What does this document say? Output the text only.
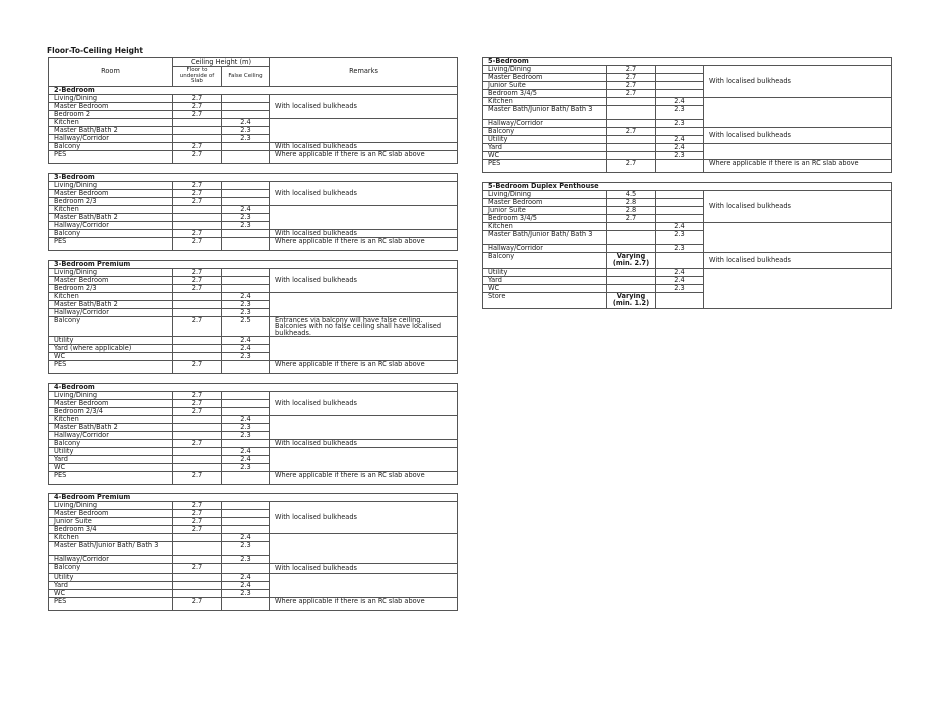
Floor-To-Ceiling Height
Room	Ceiling Height (m)		Remarks
	Floor to underside of Slab	False Ceiling	
2-Bedroom			
Living/Dining	2.7		With localised bulkheads
Master Bedroom	2.7		
Bedroom 2	2.7		
Kitchen		2.4	
Master Bath/Bath 2		2.3	
Hallway/Corridor		2.3	
Balcony	2.7		With localised bulkheads
PES	2.7		Where applicable if there is an RC slab above

3-Bedroom			
Living/Dining	2.7		With localised bulkheads
Master Bedroom	2.7		
Bedroom 2/3	2.7		
Kitchen		2.4	
Master Bath/Bath 2		2.3	
Hallway/Corridor		2.3	
Balcony	2.7		With localised bulkheads
PES	2.7		Where applicable if there is an RC slab above

3-Bedroom Premium			
Living/Dining	2.7		With localised bulkheads
Master Bedroom	2.7		
Bedroom 2/3	2.7		
Kitchen		2.4	
Master Bath/Bath 2		2.3	
Hallway/Corridor		2.3	
Balcony	2.7	2.5	Entrances via balcony will have false ceiling. Balconies with no false ceiling shall have localised bulkheads.
Utility		2.4	
Yard (where applicable)		2.4	
WC		2.3	
PES	2.7		Where applicable if there is an RC slab above

4-Bedroom			
Living/Dining	2.7		With localised bulkheads
Master Bedroom	2.7		
Bedroom 2/3/4	2.7		
Kitchen		2.4	
Master Bath/Bath 2		2.3	
Hallway/Corridor		2.3	
Balcony	2.7		With localised bulkheads
Utility		2.4	
Yard		2.4	
WC		2.3	
PES	2.7		Where applicable if there is an RC slab above

4-Bedroom Premium			
Living/Dining	2.7		With localised bulkheads
Master Bedroom	2.7		
Junior Suite	2.7		
Bedroom 3/4	2.7		
Kitchen		2.4	
Master Bath/Junior Bath/ Bath 3		2.3	
Hallway/Corridor		2.3	
Balcony	2.7		With localised bulkheads
Utility		2.4	
Yard		2.4	
WC		2.3	
PES	2.7		Where applicable if there is an RC slab above
5-Bedroom			
Living/Dining	2.7		With localised bulkheads
Master Bedroom	2.7		
Junior Suite	2.7		
Bedroom 3/4/5	2.7		
Kitchen		2.4	
Master Bath/Junior Bath/ Bath 3		2.3	
Hallway/Corridor		2.3	
Balcony	2.7		With localised bulkheads
Utility		2.4	
Yard		2.4	
WC		2.3	
PES	2.7		Where applicable if there is an RC slab above

5-Bedroom Duplex Penthouse			
Living/Dining	4.5		With localised bulkheads
Master Bedroom	2.8		
Junior Suite	2.8		
Bedroom 3/4/5	2.7		
Kitchen		2.4	
Master Bath/Junior Bath/ Bath 3		2.3	
Hallway/Corridor		2.3	
Balcony	Varying (min. 2.7)		With localised bulkheads
Utility		2.4	
Yard		2.4	
WC		2.3	
Store	Varying (min. 1.2)		
